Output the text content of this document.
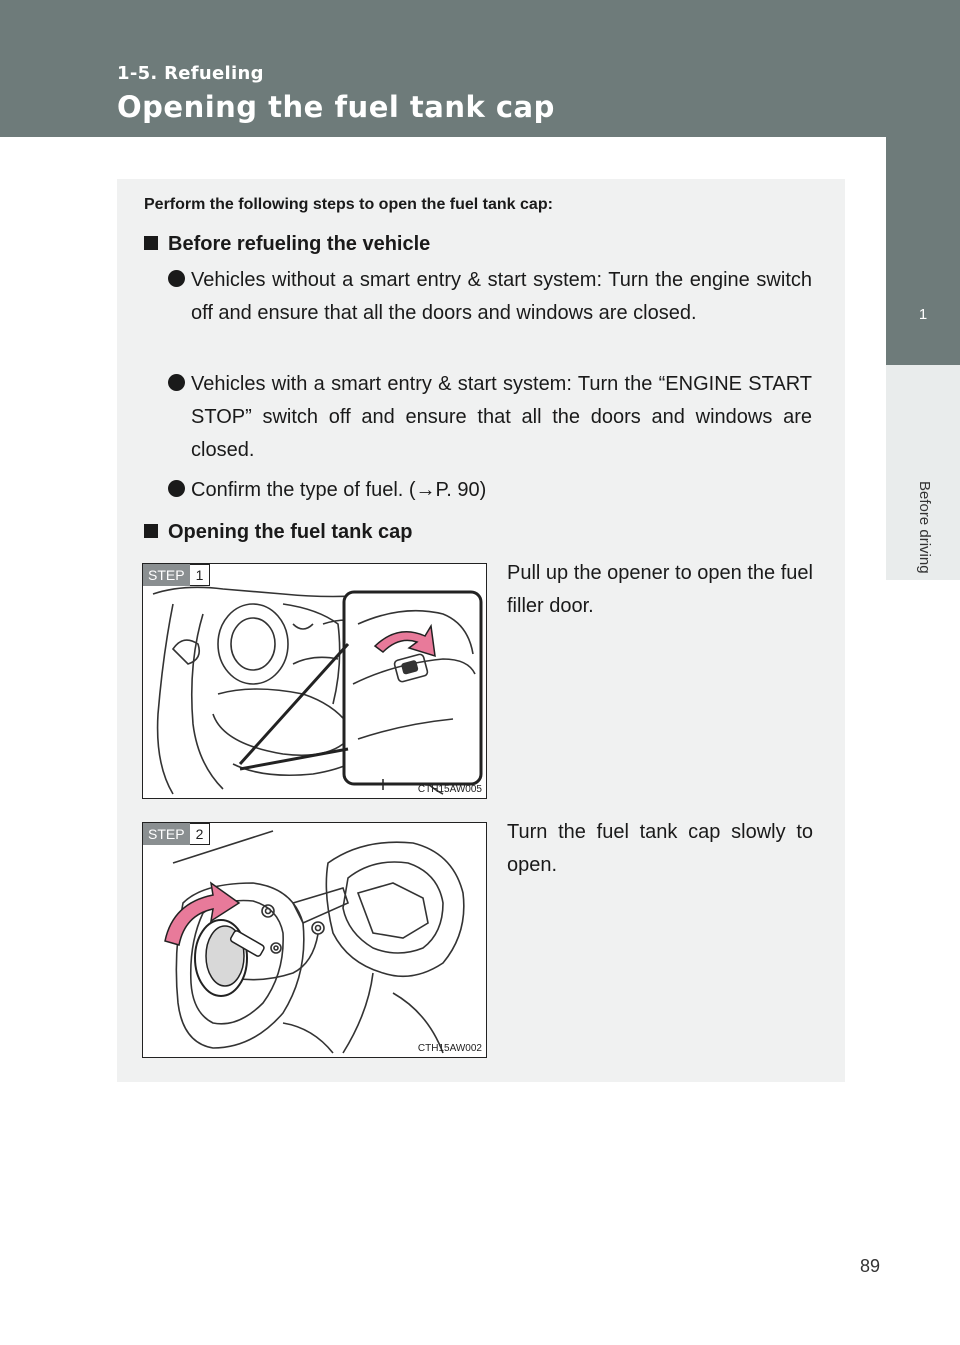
1-5. Refueling
Opening the fuel tank cap
1
Before driving
Perform the following steps to open the fuel tank cap:
Before refueling the vehicle
Vehicles without a smart entry & start system: Turn the engine switch off and ensure that all the doors and windows are closed.
Vehicles with a smart entry & start system: Turn the “ENGINE START STOP” switch off and ensure that all the doors and windows are closed.
Confirm the type of fuel. (→P. 90)
Opening the fuel tank cap
STEP 1
CTH15AW005
Pull up the opener to open the fuel filler door.
STEP 2
CTH15AW002
Turn the fuel tank cap slowly to open.
89
